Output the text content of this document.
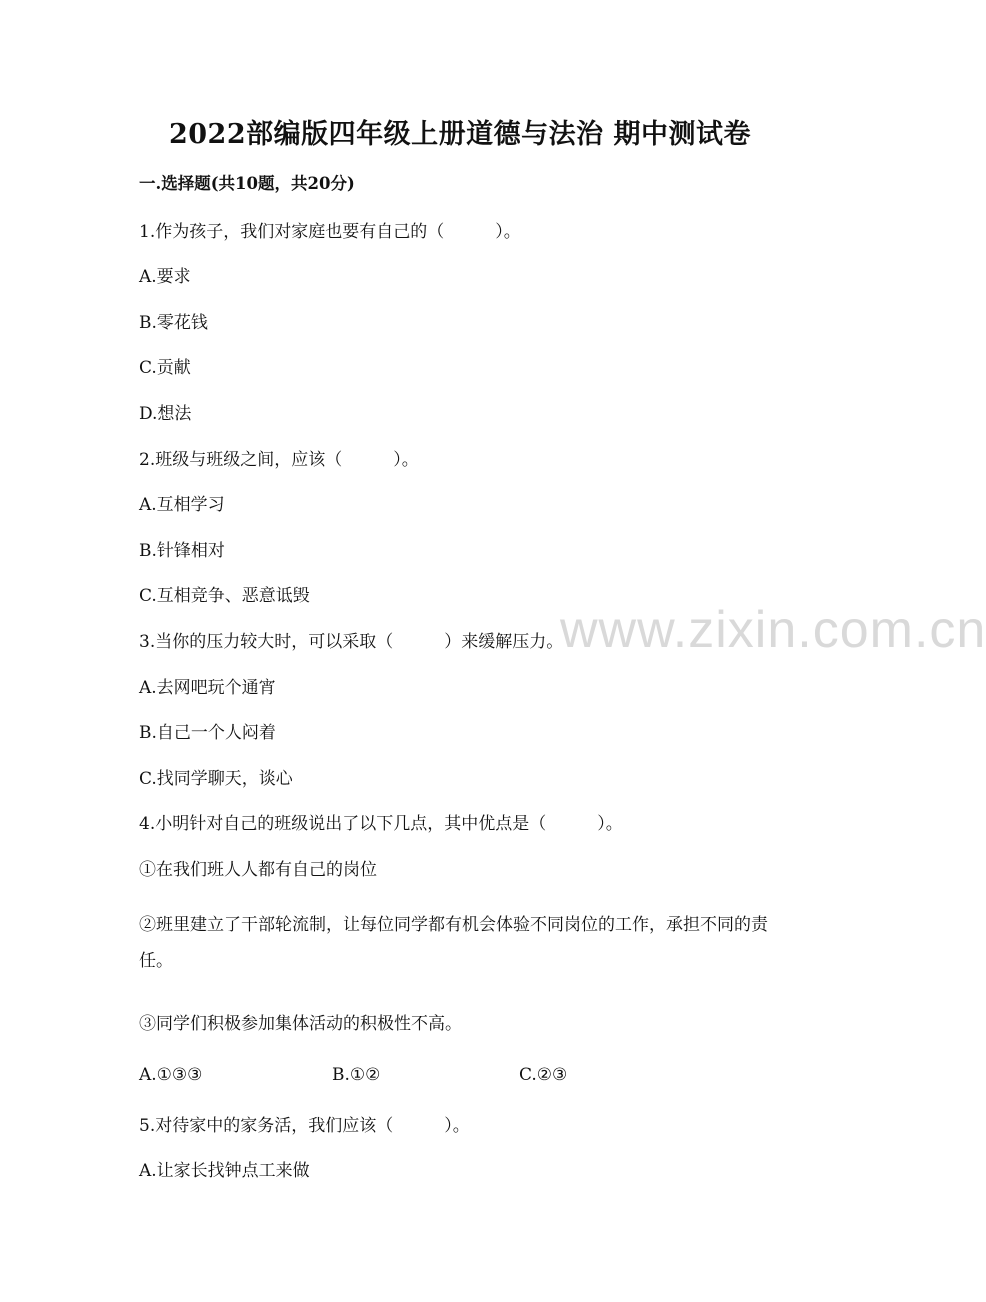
2022部编版四年级上册道德与法治 期中测试卷
一.选择题(共10题，共20分)
1.作为孩子，我们对家庭也要有自己的（　　　）。
A.要求
B.零花钱
C.贡献
D.想法
2.班级与班级之间，应该（　　　）。
A.互相学习
B.针锋相对
C.互相竞争、恶意诋毁
3.当你的压力较大时，可以采取（　　　）来缓解压力。
A.去网吧玩个通宵
B.自己一个人闷着
C.找同学聊天，谈心
4.小明针对自己的班级说出了以下几点，其中优点是（　　　）。
①在我们班人人都有自己的岗位
②班里建立了干部轮流制，让每位同学都有机会体验不同岗位的工作，承担不同的责任。
③同学们积极参加集体活动的积极性不高。
A.①③③	B.①②	C.②③
5.对待家中的家务活，我们应该（　　　）。
A.让家长找钟点工来做
www.zixin.com.cn
